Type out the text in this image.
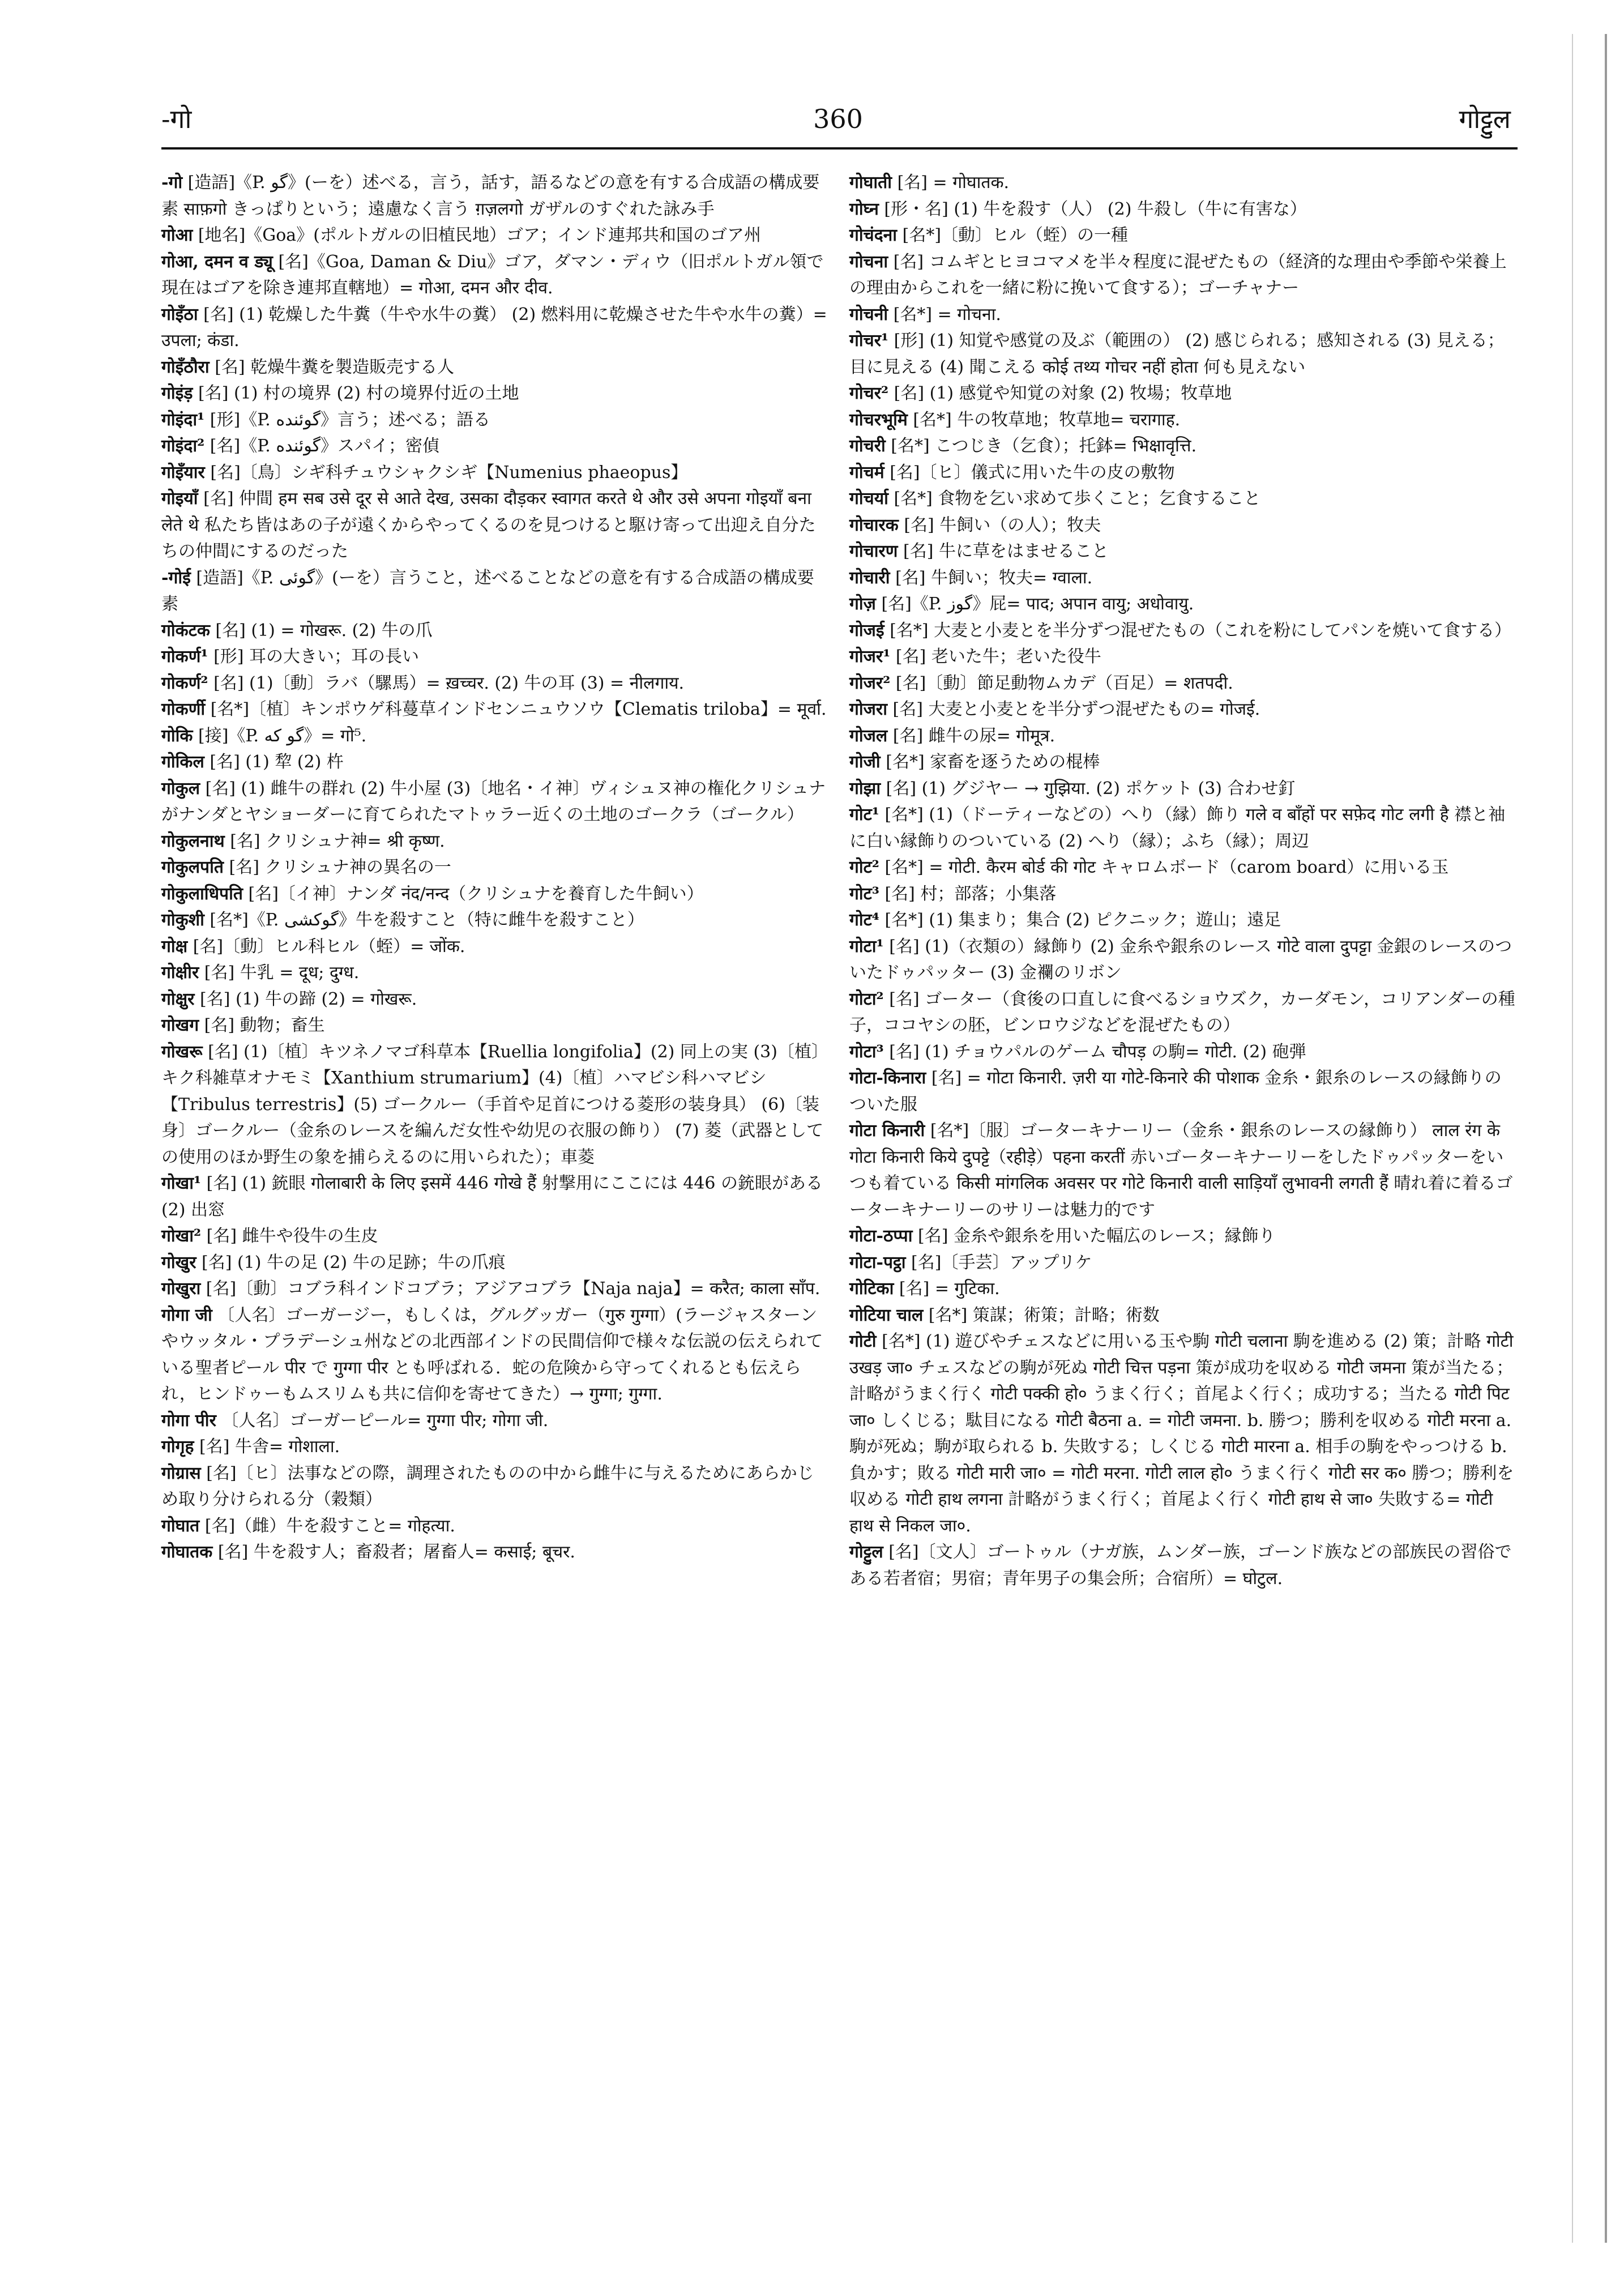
-गो	360	गोट्टुल

-गो [造語]《P. گو》(ーを）述べる，言う，話す，語るなどの意を有する合成語の構成要素 साफ़गो きっぱりという；遠慮なく言う ग़ज़लगो ガザルのすぐれた詠み手

गोआ [地名]《Goa》(ポルトガルの旧植民地）ゴア；インド連邦共和国のゴア州

गोआ, दमन व ड्यू [名]《Goa, Daman & Diu》ゴア，ダマン・ディウ（旧ポルトガル領で現在はゴアを除き連邦直轄地）= गोआ, दमन और दीव.

गोइँठा [名] (1) 乾燥した牛糞（牛や水牛の糞） (2) 燃料用に乾燥させた牛や水牛の糞）= उपला; कंडा.

गोइँठौरा [名] 乾燥牛糞を製造販売する人

गोइंड़ [名] (1) 村の境界 (2) 村の境界付近の土地

गोइंदा¹ [形]《P. گوئنده》言う；述べる；語る

गोइंदा² [名]《P. گوئنده》スパイ；密偵

गोइँयार [名]〔鳥〕シギ科チュウシャクシギ【Numenius phaeopus】

गोइयाँ [名] 仲間 हम सब उसे दूर से आते देख, उसका दौड़कर स्वागत करते थे और उसे अपना गोइयाँ बना लेते थे 私たち皆はあの子が遠くからやってくるのを見つけると駆け寄って出迎え自分たちの仲間にするのだった

-गोई [造語]《P. گوئی》(ーを）言うこと，述べることなどの意を有する合成語の構成要素

गोकंटक [名] (1) = गोखरू. (2) 牛の爪

गोकर्ण¹ [形] 耳の大きい；耳の長い

गोकर्ण² [名] (1)〔動〕ラバ（騾馬）= ख़च्चर. (2) 牛の耳 (3) = नीलगाय.

गोकर्णी [名*]〔植〕キンポウゲ科蔓草インドセンニュウソウ【Clematis triloba】= मूर्वा.

गोकि [接]《P. گو که》= गो⁵.

गोकिल [名] (1) 犂 (2) 杵

गोकुल [名] (1) 雌牛の群れ (2) 牛小屋 (3)〔地名・イ神〕ヴィシュヌ神の権化クリシュナがナンダとヤショーダーに育てられたマトゥラー近くの土地のゴークラ（ゴークル）

गोकुलनाथ [名] クリシュナ神= श्री कृष्ण.

गोकुलपति [名] クリシュナ神の異名の一

गोकुलाधिपति [名]〔イ神〕ナンダ नंद/नन्द（クリシュナを養育した牛飼い）

गोकुशी [名*]《P. گوکشی》牛を殺すこと（特に雌牛を殺すこと）

गोक्ष [名]〔動〕ヒル科ヒル（蛭）= जोंक.

गोक्षीर [名] 牛乳 = दूध; दुग्ध.

गोक्षुर [名] (1) 牛の蹄 (2) = गोखरू.

गोखग [名] 動物；畜生

गोखरू [名] (1)〔植〕キツネノマゴ科草本【Ruellia longifolia】(2) 同上の実 (3)〔植〕キク科雑草オナモミ【Xanthium strumarium】(4)〔植〕ハマビシ科ハマビシ【Tribulus terrestris】(5) ゴークルー（手首や足首につける菱形の装身具） (6)〔装身〕ゴークルー（金糸のレースを編んだ女性や幼児の衣服の飾り） (7) 菱（武器としての使用のほか野生の象を捕らえるのに用いられた）；車菱

गोखा¹ [名] (1) 銃眼 गोलाबारी के लिए इसमें 446 गोखे हैं 射撃用にここには 446 の銃眼がある (2) 出窓

गोखा² [名] 雌牛や役牛の生皮

गोखुर [名] (1) 牛の足 (2) 牛の足跡；牛の爪痕

गोखुरा [名]〔動〕コブラ科インドコブラ；アジアコブラ【Naja naja】= करैत; काला साँप.

गोगा जी 〔人名〕ゴーガージー，もしくは，グルグッガー（गुरु गुग्गा）(ラージャスターンやウッタル・プラデーシュ州などの北西部インドの民間信仰で様々な伝説の伝えられている聖者ピール पीर で गुग्गा पीर とも呼ばれる．蛇の危険から守ってくれるとも伝えられ，ヒンドゥーもムスリムも共に信仰を寄せてきた）→ गुग्गा; गुग्गा.

गोगा पीर 〔人名〕ゴーガーピール= गुग्गा पीर; गोगा जी.

गोगृह [名] 牛舎= गोशाला.

गोग्रास [名]〔ヒ〕法事などの際，調理されたものの中から雌牛に与えるためにあらかじめ取り分けられる分（穀類）

गोघात [名]（雌）牛を殺すこと= गोहत्या.

गोघातक [名] 牛を殺す人；畜殺者；屠畜人= कसाई; बूचर.

गोघाती [名] = गोघातक.

गोघ्न [形・名] (1) 牛を殺す（人） (2) 牛殺し（牛に有害な）

गोचंदना [名*]〔動〕ヒル（蛭）の一種

गोचना [名] コムギとヒヨコマメを半々程度に混ぜたもの（経済的な理由や季節や栄養上の理由からこれを一緒に粉に挽いて食する）；ゴーチャナー

गोचनी [名*] = गोचना.

गोचर¹ [形] (1) 知覚や感覚の及ぶ（範囲の） (2) 感じられる；感知される (3) 見える；目に見える (4) 聞こえる कोई तथ्य गोचर नहीं होता 何も見えない

गोचर² [名] (1) 感覚や知覚の対象 (2) 牧場；牧草地

गोचरभूमि [名*] 牛の牧草地；牧草地= चरागाह.

गोचरी [名*] こつじき（乞食）；托鉢= भिक्षावृत्ति.

गोचर्म [名]〔ヒ〕儀式に用いた牛の皮の敷物

गोचर्या [名*] 食物を乞い求めて歩くこと；乞食すること

गोचारक [名] 牛飼い（の人）；牧夫

गोचारण [名] 牛に草をはませること

गोचारी [名] 牛飼い；牧夫= ग्वाला.

गोज़ [名]《P. گوز》屁= पाद; अपान वायु; अधोवायु.

गोजई [名*] 大麦と小麦とを半分ずつ混ぜたもの（これを粉にしてパンを焼いて食する）

गोजर¹ [名] 老いた牛；老いた役牛

गोजर² [名]〔動〕節足動物ムカデ（百足）= शतपदी.

गोजरा [名] 大麦と小麦とを半分ずつ混ぜたもの= गोजई.

गोजल [名] 雌牛の尿= गोमूत्र.

गोजी [名*] 家畜を逐うための棍棒

गोझा [名] (1) グジヤー → गुझिया. (2) ポケット (3) 合わせ釘

गोट¹ [名*] (1)（ドーティーなどの）へり（縁）飾り गले व बाँहों पर सफ़ेद गोट लगी है 襟と袖に白い縁飾りのついている (2) へり（縁）；ふち（縁）；周辺

गोट² [名*] = गोटी. कैरम बोर्ड की गोट キャロムボード（carom board）に用いる玉

गोट³ [名] 村；部落；小集落

गोट⁴ [名*] (1) 集まり；集合 (2) ピクニック；遊山；遠足

गोटा¹ [名] (1)（衣類の）縁飾り (2) 金糸や銀糸のレース गोटे वाला दुपट्टा 金銀のレースのついたドゥパッター (3) 金襴のリボン

गोटा² [名] ゴーター（食後の口直しに食べるショウズク，カーダモン，コリアンダーの種子，ココヤシの胚，ビンロウジなどを混ぜたもの）

गोटा³ [名] (1) チョウパルのゲーム चौपड़ の駒= गोटी. (2) 砲弾

गोटा-किनारा [名] = गोटा किनारी. ज़री या गोटे-किनारे की पोशाक 金糸・銀糸のレースの縁飾りのついた服

गोटा किनारी [名*]〔服〕ゴーターキナーリー（金糸・銀糸のレースの縁飾り） लाल रंग के गोटा किनारी किये दुपट्टे（रहीड़े）पहना करतीं 赤いゴーターキナーリーをしたドゥパッターをいつも着ている किसी मांगलिक अवसर पर गोटे किनारी वाली साड़ियाँ लुभावनी लगती हैं 晴れ着に着るゴーターキナーリーのサリーは魅力的です

गोटा-ठप्पा [名] 金糸や銀糸を用いた幅広のレース；縁飾り

गोटा-पट्ठा [名]〔手芸〕アップリケ

गोटिका [名] = गुटिका.

गोटिया चाल [名*] 策謀；術策；計略；術数

गोटी [名*] (1) 遊びやチェスなどに用いる玉や駒 गोटी चलाना 駒を進める (2) 策；計略 गोटी उखड़ जा० チェスなどの駒が死ぬ गोटी चित्त पड़ना 策が成功を収める गोटी जमना 策が当たる；計略がうまく行く गोटी पक्की हो० うまく行く；首尾よく行く；成功する；当たる गोटी पिट जा० しくじる；駄目になる गोटी बैठना a. = गोटी जमना. b. 勝つ；勝利を収める गोटी मरना a. 駒が死ぬ；駒が取られる b. 失敗する；しくじる गोटी मारना a. 相手の駒をやっつける b. 負かす；敗る गोटी मारी जा० = गोटी मरना. गोटी लाल हो० うまく行く गोटी सर क० 勝つ；勝利を収める गोटी हाथ लगना 計略がうまく行く；首尾よく行く गोटी हाथ से जा० 失敗する= गोटी हाथ से निकल जा०.

गोट्टुल [名]〔文人〕ゴートゥル（ナガ族，ムンダー族，ゴーンド族などの部族民の習俗である若者宿；男宿；青年男子の集会所；合宿所）= घोटुल.
